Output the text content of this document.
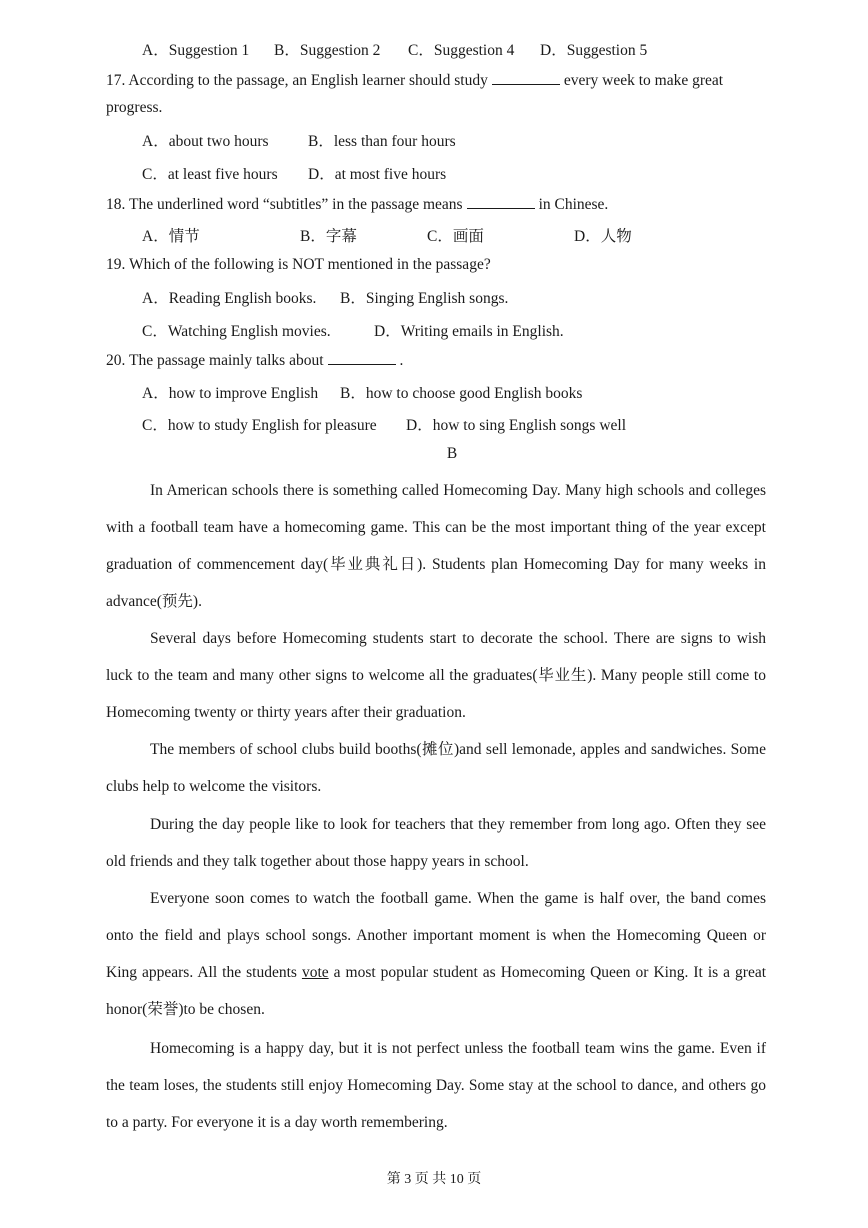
A．Suggestion 1 B．Suggestion 2 C．Suggestion 4 D．Suggestion 5
17. According to the passage, an English learner should study	every week to make great
progress.
A．about two hours	B．less than four hours
C．at least five hours D．at most five hours
18. The underlined word “subtitles” in the passage means	in Chinese.
A．情节	B．字幕	C．画面	D．人物
19. Which of the following is NOT mentioned in the passage?
A．Reading English books. B．Singing English songs.
C．Watching English movies.	D．Writing emails in English.
20. The passage mainly talks about	.
A．how to improve English B．how to choose good English books
C．how to study English for pleasure D．how to sing English songs well
B
In American schools there is something called Homecoming Day. Many high schools and colleges with a football team have a homecoming game. This can be the most important thing of the year except graduation of commencement day(毕业典礼日). Students plan Homecoming Day for many weeks in advance(预先).
Several days before Homecoming students start to decorate the school. There are signs to wish luck to the team and many other signs to welcome all the graduates(毕业生). Many people still come to Homecoming twenty or thirty years after their graduation.
The members of school clubs build booths(摊位)and sell lemonade, apples and sandwiches. Some clubs help to welcome the visitors.
During the day people like to look for teachers that they remember from long ago. Often they see old friends and they talk together about those happy years in school.
Everyone soon comes to watch the football game. When the game is half over, the band comes onto the field and plays school songs. Another important moment is when the Homecoming Queen or King appears. All the students vote a most popular student as Homecoming Queen or King. It is a great honor(荣誉)to be chosen.
Homecoming is a happy day, but it is not perfect unless the football team wins the game. Even if the team loses, the students still enjoy Homecoming Day. Some stay at the school to dance, and others go to a party. For everyone it is a day worth remembering.
第 3 页 共 10 页
